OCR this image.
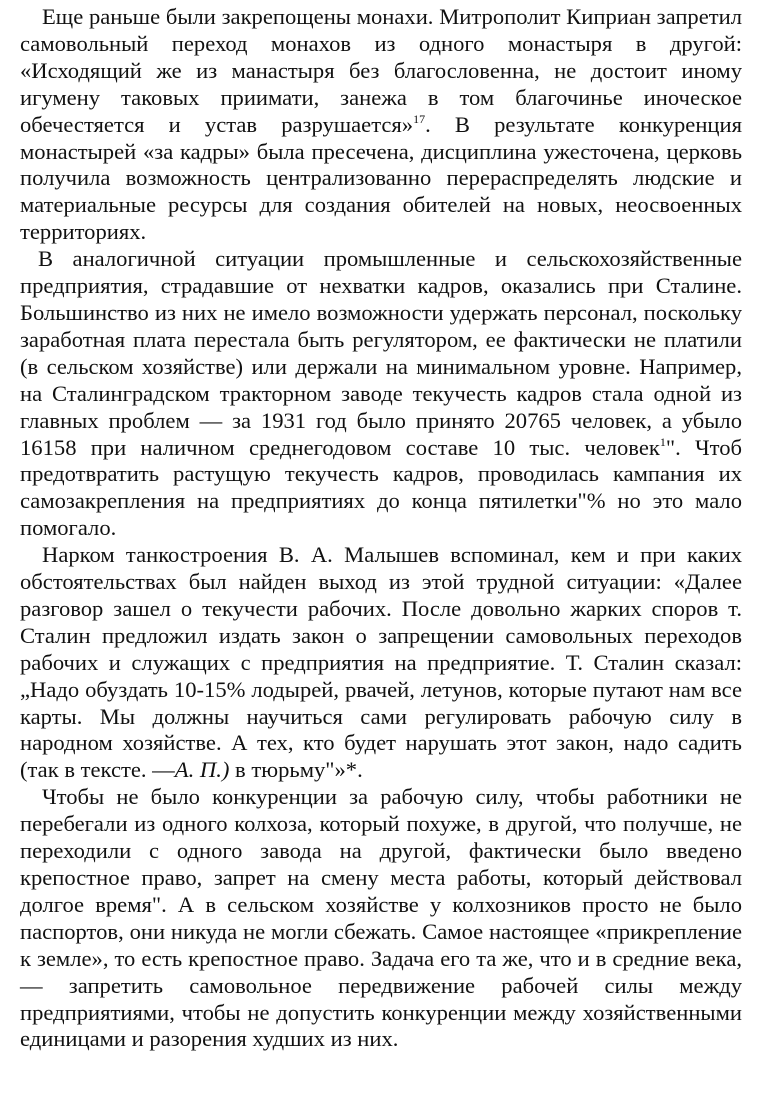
Еще раньше были закрепощены монахи. Митрополит Киприан запретил самовольный переход монахов из одного монастыря в другой: «Исходящий же из манастыря без благословенна, не достоит иному игумену таковых приимати, занежа в том благочинье иноческое обечестяется и устав разрушается»$^{17}$. В результате конкуренция монастырей «за кадры» была пресечена, дисциплина ужесточена, церковь получила возможность централизованно перераспределять людские и материальные ресурсы для создания обителей на новых, неосвоенных территориях.

В аналогичной ситуации промышленные и сельскохозяйственные предприятия, страдавшие от нехватки кадров, оказались при Сталине. Большинство из них не имело возможности удержать персонал, поскольку заработная плата перестала быть регулятором, ее фактически не платили (в сельском хозяйстве) или держали на минимальном уровне. Например, на Сталинградском тракторном заводе текучесть кадров стала одной из главных проблем — за 1931 год было принято 20765 человек, а убыло 16158 при наличном среднегодовом составе 10 тыс. человек$^1$". Чтоб предотвратить растущую текучесть кадров, проводилась кампания их самозакрепления на предприятиях до конца пятилетки"% но это мало помогало.

Нарком танкостроения В. А. Малышев вспоминал, кем и при каких обстоятельствах был найден выход из этой трудной ситуации: «Далее разговор зашел о текучести рабочих. После довольно жарких споров т. Сталин предложил издать закон о запрещении самовольных переходов рабочих и служащих с предприятия на предприятие. Т. Сталин сказал: „Надо обуздать 10-15% лодырей, рвачей, летунов, которые путают нам все карты. Мы должны научиться сами регулировать рабочую силу в народном хозяйстве. А тех, кто будет нарушать этот закон, надо садить (так в тексте. —А. П.) в тюрьму"»*.

Чтобы не было конкуренции за рабочую силу, чтобы работники не перебегали из одного колхоза, который похуже, в другой, что получше, не переходили с одного завода на другой, фактически было введено крепостное право, запрет на смену места работы, который действовал долгое время". А в сельском хозяйстве у колхозников просто не было паспортов, они никуда не могли сбежать. Самое настоящее «прикрепление к земле», то есть крепостное право. Задача его та же, что и в средние века, — запретить самовольное передвижение рабочей силы между предприятиями, чтобы не допустить конкуренции между хозяйственными единицами и разорения худших из них.
